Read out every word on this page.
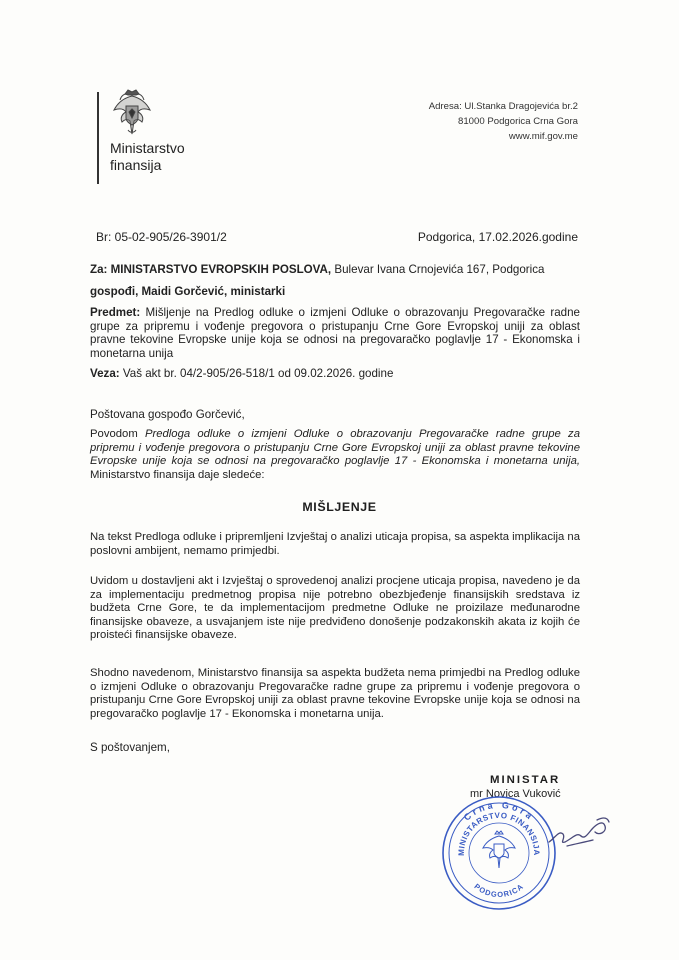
Ministarstvo
finansija
Adresa: Ul.Stanka Dragojevića br.2
81000 Podgorica Crna Gora
www.mif.gov.me
Br: 05-02-905/26-3901/2	Podgorica, 17.02.2026.godine
Za: MINISTARSTVO EVROPSKIH POSLOVA, Bulevar Ivana Crnojevića 167, Podgorica
gospođi, Maidi Gorčević, ministarki
Predmet: Mišljenje na Predlog odluke o izmjeni Odluke o obrazovanju Pregovaračke radne grupe za pripremu i vođenje pregovora o pristupanju Crne Gore Evropskoj uniji za oblast pravne tekovine Evropske unije koja se odnosi na pregovaračko poglavlje 17 - Ekonomska i monetarna unija
Veza: Vaš akt br. 04/2-905/26-518/1 od 09.02.2026. godine
Poštovana gospođo Gorčević,
Povodom Predloga odluke o izmjeni Odluke o obrazovanju Pregovaračke radne grupe za pripremu i vođenje pregovora o pristupanju Crne Gore Evropskoj uniji za oblast pravne tekovine Evropske unije koja se odnosi na pregovaračko poglavlje 17 - Ekonomska i monetarna unija, Ministarstvo finansija daje sledeće:
MIŠLJENJE
Na tekst Predloga odluke i pripremljeni Izvještaj o analizi uticaja propisa, sa aspekta implikacija na poslovni ambijent, nemamo primjedbi.
Uvidom u dostavljeni akt i Izvještaj o sprovedenoj analizi procjene uticaja propisa, navedeno je da za implementaciju predmetnog propisa nije potrebno obezbjeđenje finansijskih sredstava iz budžeta Crne Gore, te da implementacijom predmetne Odluke ne proizilaze međunarodne finansijske obaveze, a usvajanjem iste nije predviđeno donošenje podzakonskih akata iz kojih će proisteći finansijske obaveze.
Shodno navedenom, Ministarstvo finansija sa aspekta budžeta nema primjedbi na Predlog odluke o izmjeni Odluke o obrazovanju Pregovaračke radne grupe za pripremu i vođenje pregovora o pristupanju Crne Gore Evropskoj uniji za oblast pravne tekovine Evropske unije koja se odnosi na pregovaračko poglavlje 17 - Ekonomska i monetarna unija.
S poštovanjem,
MINISTAR
mr Novica Vuković
Crna Gora
MINISTARSTVO FINANSIJA
PODGORICA
